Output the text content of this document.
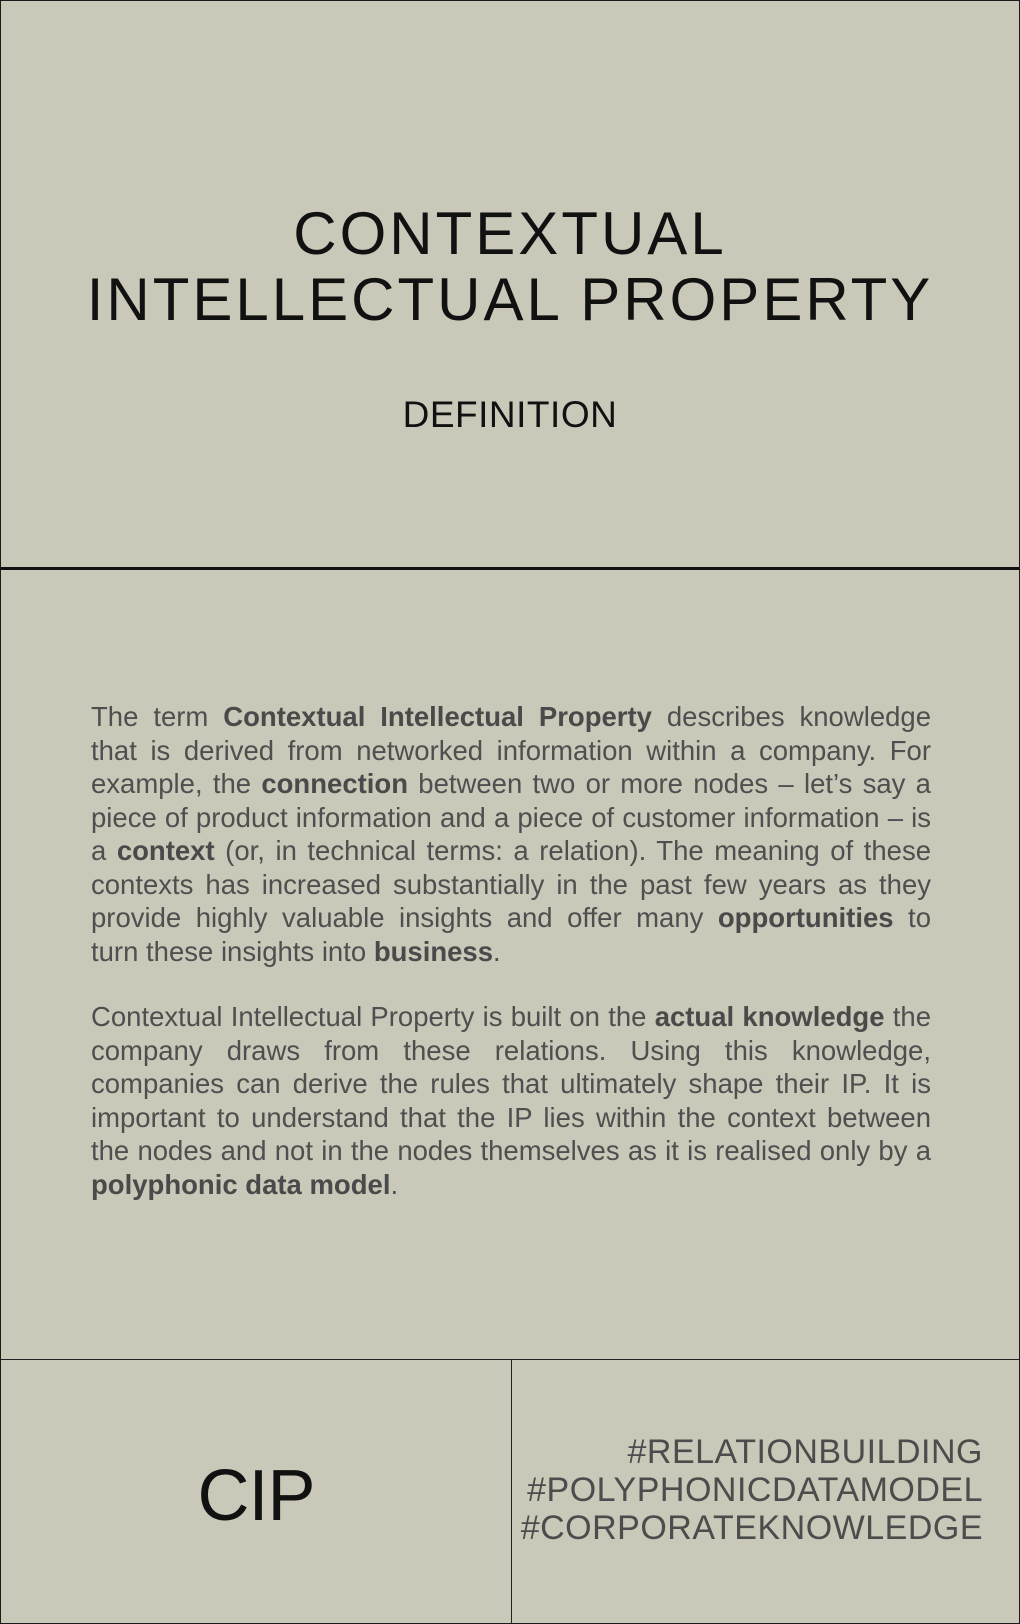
CONTEXTUAL
INTELLECTUAL PROPERTY
DEFINITION

The term Contextual Intellectual Property describes knowledge that is derived from networked information within a company. For example, the connection between two or more nodes – let’s say a piece of product information and a piece of customer information – is a context (or, in technical terms: a relation). The meaning of these contexts has increased substantially in the past few years as they provide highly valuable insights and offer many opportunities to turn these insights into business.

Contextual Intellectual Property is built on the actual knowledge the company draws from these relations. Using this knowledge, companies can derive the rules that ultimately shape their IP. It is important to understand that the IP lies within the context between the nodes and not in the nodes themselves as it is realised only by a polyphonic data model.

CIP
#RELATIONBUILDING
#POLYPHONICDATAMODEL
#CORPORATEKNOWLEDGE
